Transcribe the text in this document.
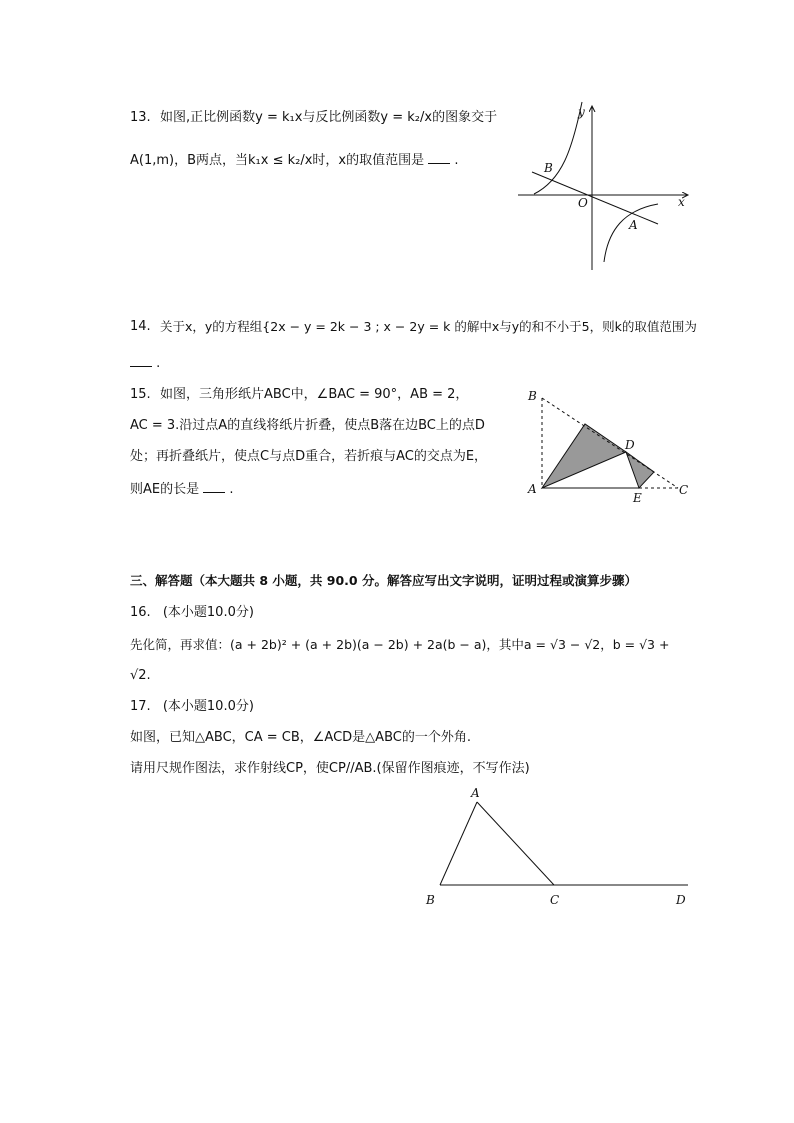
13. 如图,正比例函数y = k₁x与反比例函数y = k₂/x的图象交于
A(1,m)，B两点，当k₁x ≤ k₂/x时，x的取值范围是 .
y
x
O
A
B
14. 关于x，y的方程组{2x − y = 2k − 3 ; x − 2y = k 的解中x与y的和不小于5，则k的取值范围为
.
15. 如图，三角形纸片ABC中，∠BAC = 90°，AB = 2，
AC = 3.沿过点A的直线将纸片折叠，使点B落在边BC上的点D
处；再折叠纸片，使点C与点D重合，若折痕与AC的交点为E，
则AE的长是 .	A
B
C
D
E
三、解答题（本大题共 8 小题，共 90.0 分。解答应写出文字说明，证明过程或演算步骤）
16. (本小题10.0分)
先化简，再求值：(a + 2b)² + (a + 2b)(a − 2b) + 2a(b − a)，其中a = √3 − √2，b = √3 +
√2.
17. (本小题10.0分)
如图，已知△ABC，CA = CB，∠ACD是△ABC的一个外角.
请用尺规作图法，求作射线CP，使CP//AB.(保留作图痕迹，不写作法)
A
B	C	D
